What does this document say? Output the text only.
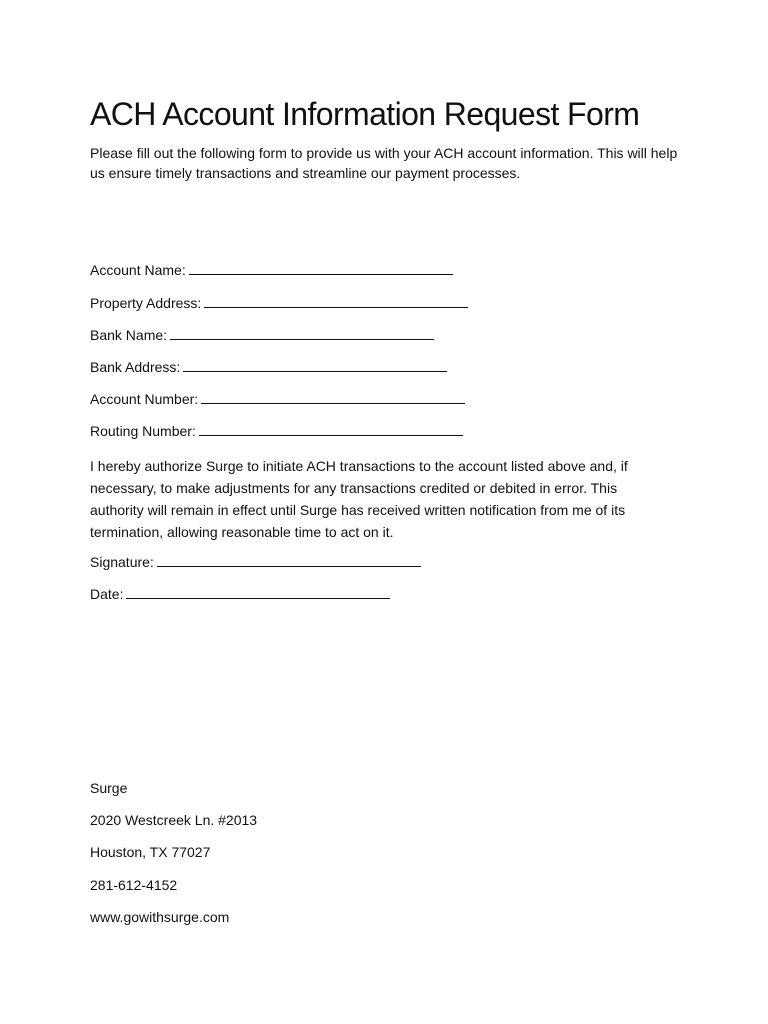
ACH Account Information Request Form

Please fill out the following form to provide us with your ACH account information. This will help us ensure timely transactions and streamline our payment processes.

Account Name:
Property Address:
Bank Name:
Bank Address:
Account Number:
Routing Number:

I hereby authorize Surge to initiate ACH transactions to the account listed above and, if necessary, to make adjustments for any transactions credited or debited in error. This authority will remain in effect until Surge has received written notification from me of its termination, allowing reasonable time to act on it.

Signature:
Date:
Surge
2020 Westcreek Ln. #2013
Houston, TX 77027
281-612-4152
www.gowithsurge.com
